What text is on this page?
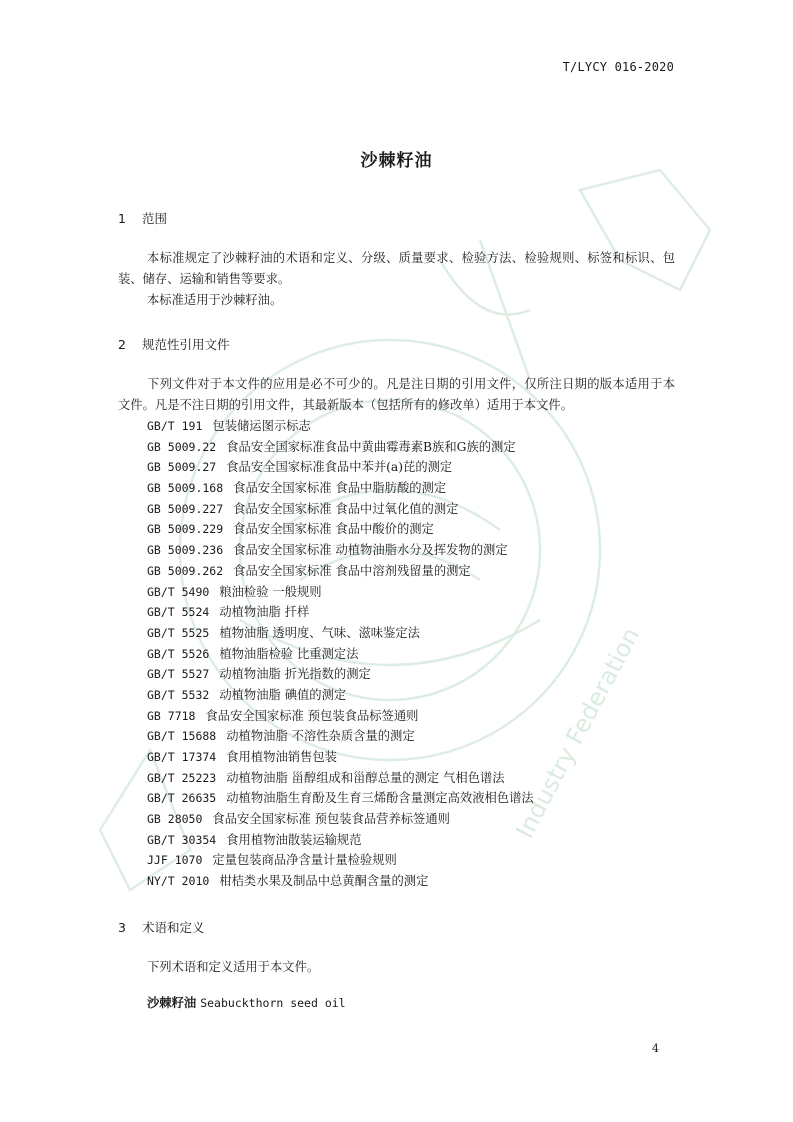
Industry Federation
T/LYCY 016-2020
沙棘籽油
1 范围
本标准规定了沙棘籽油的术语和定义、分级、质量要求、检验方法、检验规则、标签和标识、包装、储存、运输和销售等要求。
本标准适用于沙棘籽油。
2 规范性引用文件
下列文件对于本文件的应用是必不可少的。凡是注日期的引用文件，仅所注日期的版本适用于本文件。凡是不注日期的引用文件，其最新版本（包括所有的修改单）适用于本文件。
GB/T 191 包装储运图示标志
GB 5009.22 食品安全国家标准食品中黄曲霉毒素B族和G族的测定
GB 5009.27 食品安全国家标准食品中苯并(a)芘的测定
GB 5009.168 食品安全国家标准 食品中脂肪酸的测定
GB 5009.227 食品安全国家标准 食品中过氧化值的测定
GB 5009.229 食品安全国家标准 食品中酸价的测定
GB 5009.236 食品安全国家标准 动植物油脂水分及挥发物的测定
GB 5009.262 食品安全国家标准 食品中溶剂残留量的测定
GB/T 5490 粮油检验 一般规则
GB/T 5524 动植物油脂 扦样
GB/T 5525 植物油脂 透明度、气味、滋味鉴定法
GB/T 5526 植物油脂检验 比重测定法
GB/T 5527 动植物油脂 折光指数的测定
GB/T 5532 动植物油脂 碘值的测定
GB 7718 食品安全国家标准 预包装食品标签通则
GB/T 15688 动植物油脂 不溶性杂质含量的测定
GB/T 17374 食用植物油销售包装
GB/T 25223 动植物油脂 甾醇组成和甾醇总量的测定 气相色谱法
GB/T 26635 动植物油脂生育酚及生育三烯酚含量测定高效液相色谱法
GB 28050 食品安全国家标准 预包装食品营养标签通则
GB/T 30354 食用植物油散装运输规范
JJF 1070 定量包装商品净含量计量检验规则
NY/T 2010 柑桔类水果及制品中总黄酮含量的测定
3 术语和定义
下列术语和定义适用于本文件。
沙棘籽油 Seabuckthorn seed oil
4
